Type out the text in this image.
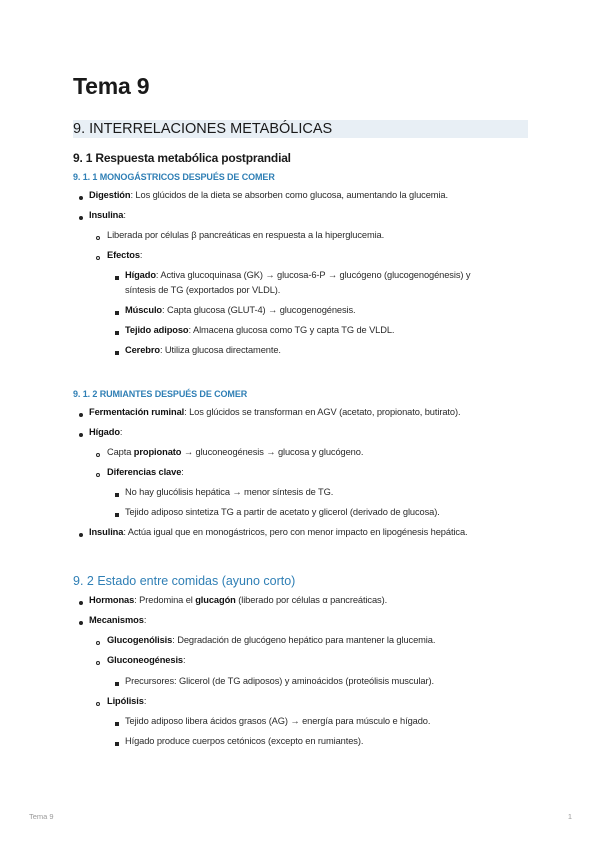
Tema 9
9. INTERRELACIONES METABÓLICAS
9. 1 Respuesta metabólica postprandial
9. 1. 1 MONOGÁSTRICOS DESPUÉS DE COMER
Digestión: Los glúcidos de la dieta se absorben como glucosa, aumentando la glucemia.
Insulina:
Liberada por células β pancreáticas en respuesta a la hiperglucemia.
Efectos:
Hígado: Activa glucoquinasa (GK) → glucosa-6-P → glucógeno (glucogenogénesis) y
síntesis de TG (exportados por VLDL).
Músculo: Capta glucosa (GLUT-4) → glucogenogénesis.
Tejido adiposo: Almacena glucosa como TG y capta TG de VLDL.
Cerebro: Utiliza glucosa directamente.
9. 1. 2 RUMIANTES DESPUÉS DE COMER
Fermentación ruminal: Los glúcidos se transforman en AGV (acetato, propionato, butirato).
Hígado:
Capta propionato → gluconeogénesis → glucosa y glucógeno.
Diferencias clave:
No hay glucólisis hepática → menor síntesis de TG.
Tejido adiposo sintetiza TG a partir de acetato y glicerol (derivado de glucosa).
Insulina: Actúa igual que en monogástricos, pero con menor impacto en lipogénesis hepática.
9. 2 Estado entre comidas (ayuno corto)
Hormonas: Predomina el glucagón (liberado por células α pancreáticas).
Mecanismos:
Glucogenólisis: Degradación de glucógeno hepático para mantener la glucemia.
Gluconeogénesis:
Precursores: Glicerol (de TG adiposos) y aminoácidos (proteólisis muscular).
Lipólisis:
Tejido adiposo libera ácidos grasos (AG) → energía para músculo e hígado.
Hígado produce cuerpos cetónicos (excepto en rumiantes).
Tema 9	1
